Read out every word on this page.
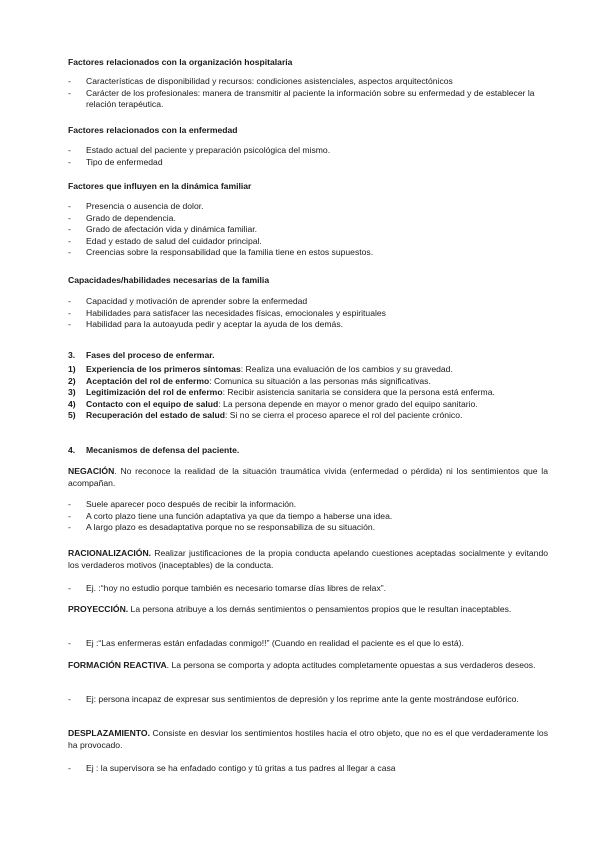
Factores relacionados con la organización hospitalaria
- Características de disponibilidad y recursos: condiciones asistenciales, aspectos arquitectónicos
- Carácter de los profesionales: manera de transmitir al paciente la información sobre su enfermedad y de establecer la relación terapéutica.
Factores relacionados con la enfermedad
- Estado actual del paciente y preparación psicológica del mismo.
- Tipo de enfermedad
Factores que influyen en la dinámica familiar
- Presencia o ausencia de dolor.
- Grado de dependencia.
- Grado de afectación vida y dinámica familiar.
- Edad y estado de salud del cuidador principal.
- Creencias sobre la responsabilidad que la familia tiene en estos supuestos.
Capacidades/habilidades necesarias de la familia
- Capacidad y motivación de aprender sobre la enfermedad
- Habilidades para satisfacer las necesidades físicas, emocionales y espirituales
- Habilidad para la autoayuda pedir y aceptar la ayuda de los demás.
3. Fases del proceso de enfermar.
1) Experiencia de los primeros síntomas: Realiza una evaluación de los cambios y su gravedad.
2) Aceptación del rol de enfermo: Comunica su situación a las personas más significativas.
3) Legitimización del rol de enfermo: Recibir asistencia sanitaria se considera que la persona está enferma.
4) Contacto con el equipo de salud: La persona depende en mayor o menor grado del equipo sanitario.
5) Recuperación del estado de salud: Si no se cierra el proceso aparece el rol del paciente crónico.
4. Mecanismos de defensa del paciente.
NEGACIÓN. No reconoce la realidad de la situación traumática vivida (enfermedad o pérdida) ni los sentimientos que la acompañan.
- Suele aparecer poco después de recibir la información.
- A corto plazo tiene una función adaptativa ya que da tiempo a haberse una idea.
- A largo plazo es desadaptativa porque no se responsabiliza de su situación.
RACIONALIZACIÓN. Realizar justificaciones de la propia conducta apelando cuestiones aceptadas socialmente y evitando los verdaderos motivos (inaceptables) de la conducta.
- Ej. :“hoy no estudio porque también es necesario tomarse días libres de relax”.
PROYECCIÓN. La persona atribuye a los demás sentimientos o pensamientos propios que le resultan inaceptables.
- Ej :“Las enfermeras están enfadadas conmigo!!” (Cuando en realidad el paciente es el que lo está).
FORMACIÓN REACTIVA. La persona se comporta y adopta actitudes completamente opuestas a sus verdaderos deseos.
- Ej: persona incapaz de expresar sus sentimientos de depresión y los reprime ante la gente mostrándose eufórico.
DESPLAZAMIENTO. Consiste en desviar los sentimientos hostiles hacia el otro objeto, que no es el que verdaderamente los ha provocado.
- Ej : la supervisora se ha enfadado contigo y tú gritas a tus padres al llegar a casa
